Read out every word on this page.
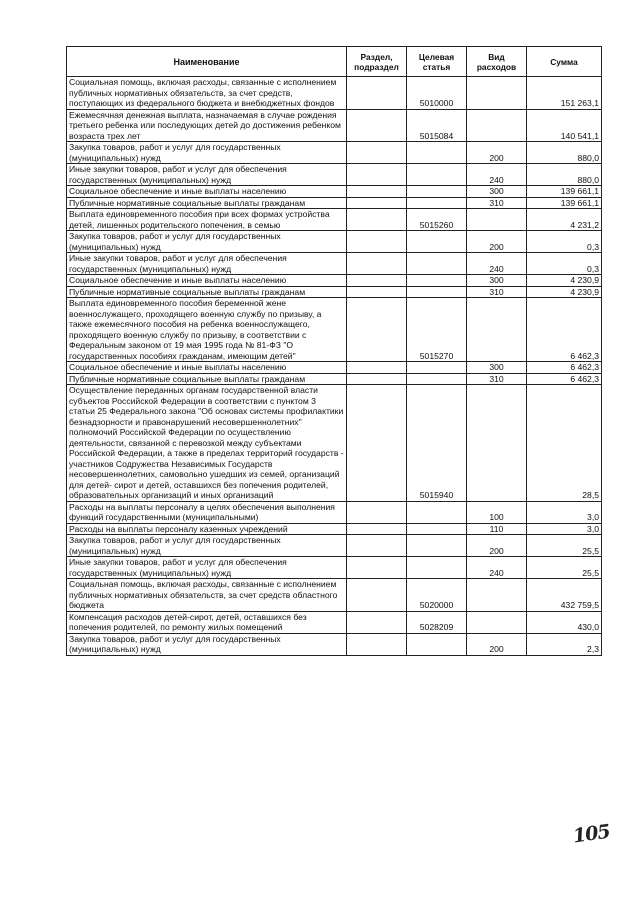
Наименование	Раздел, подраздел	Целевая статья	Вид расходов	Сумма
Социальная помощь, включая расходы, связанные с исполнением публичных нормативных обязательств, за счет средств, поступающих из федерального бюджета и внебюджетных фондов		5010000		151 263,1
Ежемесячная денежная выплата, назначаемая в случае рождения третьего ребенка или последующих детей до достижения ребенком возраста трех лет		5015084		140 541,1
Закупка товаров, работ и услуг для государственных (муниципальных) нужд			200	880,0
Иные закупки товаров, работ и услуг для обеспечения государственных (муниципальных) нужд			240	880,0
Социальное обеспечение и иные выплаты населению			300	139 661,1
Публичные нормативные социальные выплаты гражданам			310	139 661,1
Выплата единовременного пособия при всех формах устройства детей, лишенных родительского попечения, в семью		5015260		4 231,2
Закупка товаров, работ и услуг для государственных (муниципальных) нужд			200	0,3
Иные закупки товаров, работ и услуг для обеспечения государственных (муниципальных) нужд			240	0,3
Социальное обеспечение и иные выплаты населению			300	4 230,9
Публичные нормативные социальные выплаты гражданам			310	4 230,9
Выплата единовременного пособия беременной жене военнослужащего, проходящего военную службу по призыву, а также ежемесячного пособия на ребенка военнослужащего, проходящего военную службу по призыву, в соответствии с Федеральным законом от 19 мая 1995 года № 81-ФЗ "О государственных пособиях гражданам, имеющим детей"		5015270		6 462,3
Социальное обеспечение и иные выплаты населению			300	6 462,3
Публичные нормативные социальные выплаты гражданам			310	6 462,3
Осуществление переданных органам государственной власти субъектов Российской Федерации в соответствии с пунктом 3 статьи 25 Федерального закона "Об основах системы профилактики безнадзорности и правонарушений несовершеннолетних" полномочий Российской Федерации по осуществлению деятельности, связанной с перевозкой между субъектами Российской Федерации, а также в пределах территорий государств - участников Содружества Независимых Государств несовершеннолетних, самовольно ушедших из семей, организаций для детей- сирот и детей, оставшихся без попечения родителей, образовательных организаций и иных организаций		5015940		28,5
Расходы на выплаты персоналу в целях обеспечения выполнения функций государственными (муниципальными)			100	3,0
Расходы на выплаты персоналу казенных учреждений			110	3,0
Закупка товаров, работ и услуг для государственных (муниципальных) нужд			200	25,5
Иные закупки товаров, работ и услуг для обеспечения государственных (муниципальных) нужд			240	25,5
Социальная помощь, включая расходы, связанные с исполнением публичных нормативных обязательств, за счет средств областного бюджета		5020000		432 759,5
Компенсация расходов детей-сирот, детей, оставшихся без попечения родителей, по ремонту жилых помещений		5028209		430,0
Закупка товаров, работ и услуг для государственных (муниципальных) нужд			200	2,3
105
